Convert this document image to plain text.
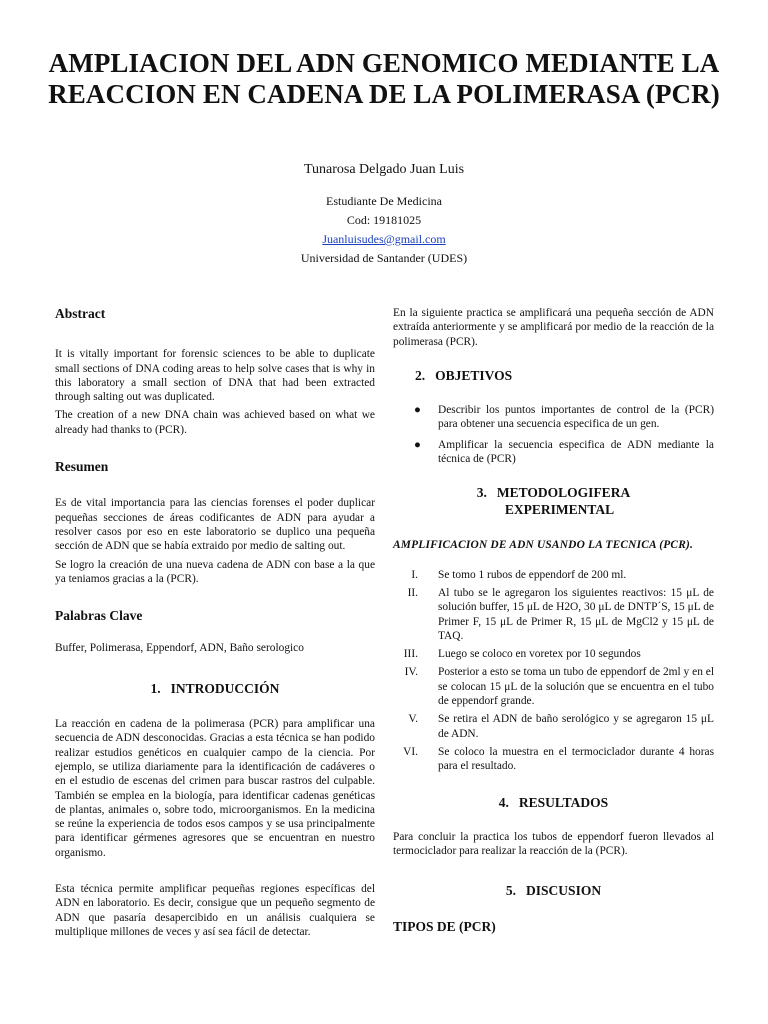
AMPLIACION DEL ADN GENOMICO MEDIANTE LA REACCION EN CADENA DE LA POLIMERASA (PCR)

Tunarosa Delgado Juan Luis

Estudiante De Medicina

Cod: 19181025

Juanluisudes@gmail.com

Universidad de Santander (UDES)

Abstract

It is vitally important for forensic sciences to be able to duplicate small sections of DNA coding areas to help solve cases that is why in this laboratory a small section of DNA that had been extracted through salting out was duplicated.

The creation of a new DNA chain was achieved based on what we already had thanks to (PCR).

Resumen

Es de vital importancia para las ciencias forenses el poder duplicar pequeñas secciones de áreas codificantes de ADN para ayudar a resolver casos por eso en este laboratorio se duplico una pequeña sección de ADN que se había extraido por medio de salting out.

Se logro la creación de una nueva cadena de ADN con base a la que ya teniamos gracias a la (PCR).

Palabras Clave

Buffer, Polimerasa, Eppendorf, ADN, Baño serologico

1. INTRODUCCIÓN

La reacción en cadena de la polimerasa (PCR) para amplificar una secuencia de ADN desconocidas. Gracias a esta técnica se han podido realizar estudios genéticos en cualquier campo de la ciencia. Por ejemplo, se utiliza diariamente para la identificación de cadáveres o en el estudio de escenas del crimen para buscar rastros del culpable. También se emplea en la biología, para identificar cadenas genéticas de plantas, animales o, sobre todo, microorganismos. En la medicina se reúne la experiencia de todos esos campos y se usa principalmente para identificar gérmenes agresores que se encuentran en nuestro organismo.

Esta técnica permite amplificar pequeñas regiones específicas del ADN en laboratorio. Es decir, consigue que un pequeño segmento de ADN que pasaría desapercibido en un análisis cualquiera se multiplique millones de veces y así sea fácil de detectar.

En la siguiente practica se amplificará una pequeña sección de ADN extraída anteriormente y se amplificará por medio de la reacción de la polimerasa (PCR).

2. OBJETIVOS
● Describir los puntos importantes de control de la (PCR) para obtener una secuencia especifica de un gen.
● Amplificar la secuencia especifica de ADN mediante la técnica de (PCR)
3. METODOLOGIFERA
EXPERIMENTAL

AMPLIFICACION DE ADN USANDO LA TECNICA (PCR).

I. Se tomo 1 rubos de eppendorf de 200 ml.
II. Al tubo se le agregaron los siguientes reactivos: 15 μL de solución buffer, 15 μL de H2O, 30 μL de DNTP´S, 15 μL de Primer F, 15 μL de Primer R, 15 μL de MgCl2 y 15 μL de TAQ.
III. Luego se coloco en voretex por 10 segundos
IV. Posterior a esto se toma un tubo de eppendorf de 2ml y en el se colocan 15 μL de la solución que se encuentra en el tubo de eppendorf grande.
V. Se retira el ADN de baño serológico y se agregaron 15 μL de ADN.
VI. Se coloco la muestra en el termociclador durante 4 horas para el resultado.
4. RESULTADOS

Para concluir la practica los tubos de eppendorf fueron llevados al termociclador para realizar la reacción de la (PCR).

5. DISCUSION
TIPOS DE (PCR)
